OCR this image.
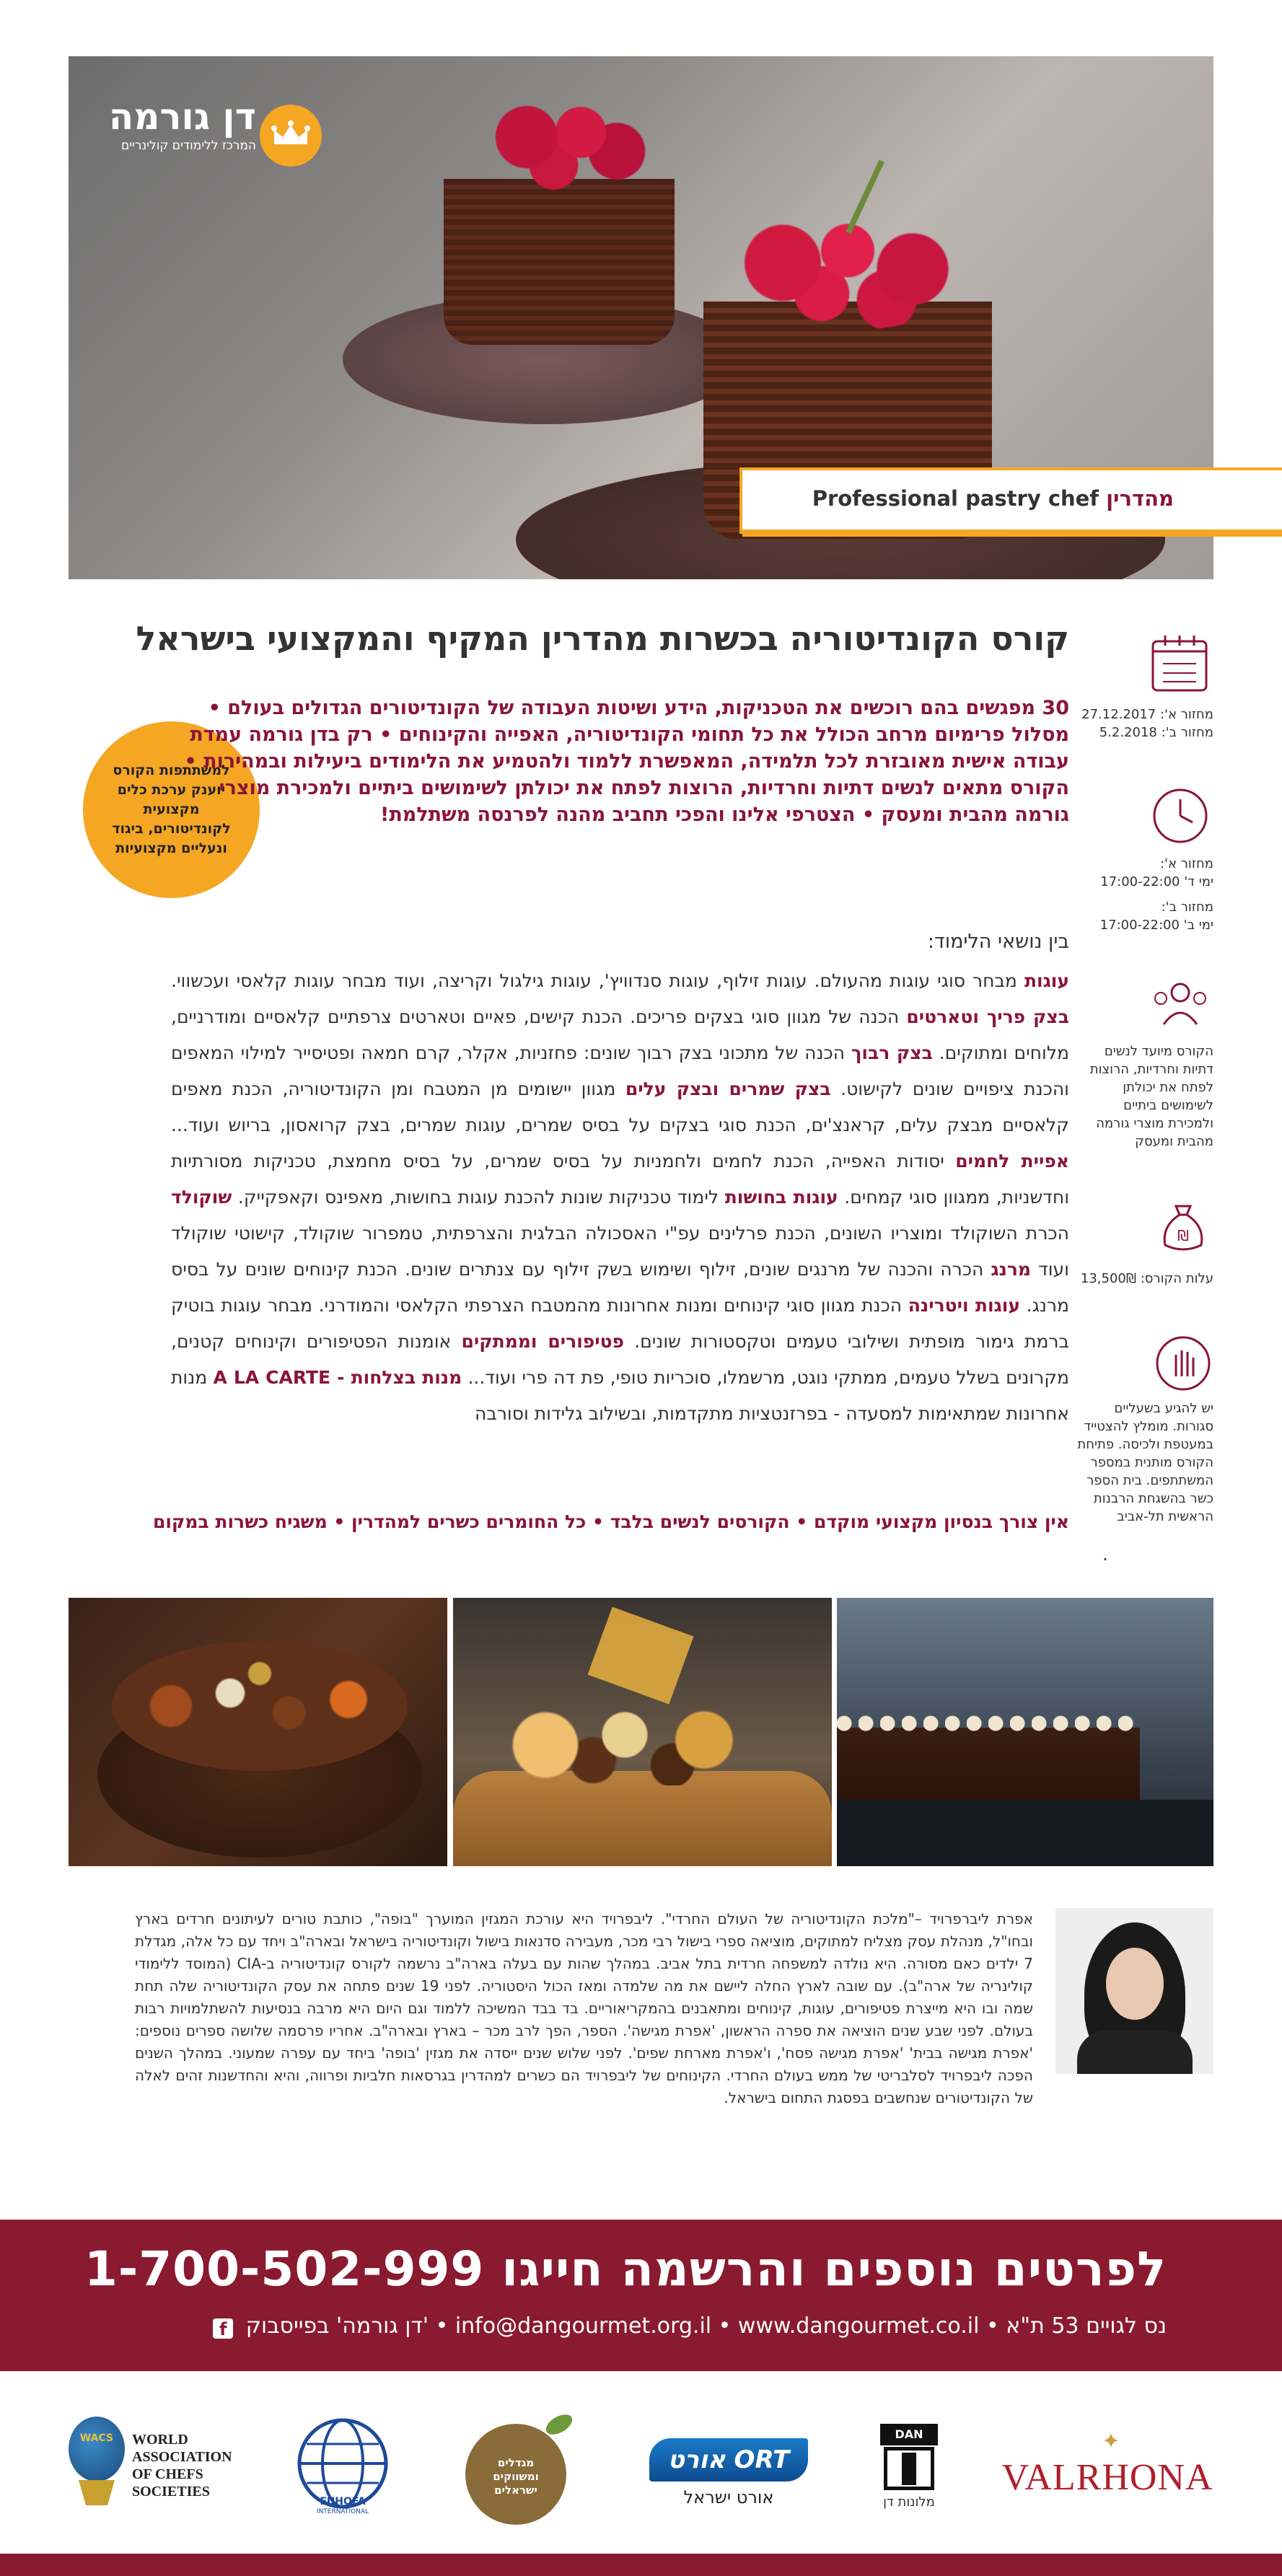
דן גורמה
המרכז ללימודים קולינריים
מהדרין Professional pastry chef
קורס הקונדיטוריה בכשרות מהדרין המקיף והמקצועי בישראל
למשתתפות הקורס יוענק ערכת כלים מקצועית לקונדיטורים, ביגוד ונעליים מקצועיות
30 מפגשים בהם רוכשים את הטכניקות, הידע ושיטות העבודה של הקונדיטורים הגדולים בעולם • מסלול פרימיום מרחב הכולל את כל תחומי הקונדיטוריה, האפייה והקינוחים • רק בדן גורמה עמדת עבודה אישית מאובזרת לכל תלמידה, המאפשרת ללמוד ולהטמיע את הלימודים ביעילות ובמהירות • הקורס מתאים לנשים דתיות וחרדיות, הרוצות לפתח את יכולתן לשימושים ביתיים ולמכירת מוצרי גורמה מהבית ומעסק • הצטרפי אלינו והפכי תחביב מהנה לפרנסה משתלמת!
בין נושאי הלימוד:
עוגות מבחר סוגי עוגות מהעולם. עוגות זילוף, עוגות סנדוויץ', עוגות גילגול וקריצה, ועוד מבחר עוגות קלאסי ועכשווי. בצק פריך וטארטים הכנה של מגוון סוגי בצקים פריכים. הכנת קישים, פאיים וטארטים צרפתיים קלאסיים ומודרניים, מלוחים ומתוקים. בצק רבוך הכנה של מתכוני בצק רבוך שונים: פחזניות, אקלר, קרם חמאה ופטיסייר למילוי המאפים והכנת ציפויים שונים לקישוט. בצק שמרים ובצק עלים מגוון יישומים מן המטבח ומן הקונדיטוריה, הכנת מאפים קלאסיים מבצק עלים, קראנצ'ים, הכנת סוגי בצקים על בסיס שמרים, עוגות שמרים, בצק קרואסון, בריוש ועוד... אפיית לחמים יסודות האפייה, הכנת לחמים ולחמניות על בסיס שמרים, על בסיס מחמצת, טכניקות מסורתיות וחדשניות, ממגוון סוגי קמחים. עוגות בחושות לימוד טכניקות שונות להכנת עוגות בחושות, מאפינס וקאפקייק. שוקולד הכרת השוקולד ומוצריו השונים, הכנת פרלינים עפ"י האסכולה הבלגית והצרפתית, טמפרור שוקולד, קישוטי שוקולד ועוד מרנג הכרה והכנה של מרנגים שונים, זילוף ושימוש בשק זילוף עם צנתרים שונים. הכנת קינוחים שונים על בסיס מרנג. עוגות ויטרינה הכנת מגוון סוגי קינוחים ומנות אחרונות מהמטבח הצרפתי הקלאסי והמודרני. מבחר עוגות בוטיק ברמת גימור מופתית ושילובי טעמים וטקסטורות שונים. פטיפורים וממתקים אומנות הפטיפורים וקינוחים קטנים, מקרונים בשלל טעמים, ממתקי נוגט, מרשמלו, סוכריות טופי, פת דה פרי ועוד... מנות בצלחות - A LA CARTE מנות אחרונות שמתאימות למסעדה - בפרזנטציות מתקדמות, ובשילוב גלידות וסורבה
אין צורך בנסיון מקצועי מוקדם • הקורסים לנשים בלבד • כל החומרים כשרים למהדרין • משגיח כשרות במקום
.
מחזור א': 27.12.2017
מחזור ב': 5.2.2018
מחזור א':
ימי ד' 17:00-22:00
מחזור ב':
ימי ב' 17:00-22:00
הקורס מיועד לנשים דתיות וחרדיות, הרוצות לפתח את יכולתן לשימושים ביתיים ולמכירת מוצרי גורמה מהבית ומעסק
₪
עלות הקורס: 13,500₪
יש להגיע בשעליים סגורות. מומלץ להצטייד במעטפת ולכיסה. פתיחת הקורס מותנית במספר המשתתפים. בית הספר כשר בהשגחת הרבנות הראשית תל-אביב
אפרת ליברפרויד –"מלכת הקונדיטוריה של העולם החרדי". ליבפרויד היא עורכת המגזין המוערך "בופה", כותבת טורים לעיתונים חרדים בארץ ובחו"ל, מנהלת עסק מצליח למתוקים, מוציאה ספרי בישול רבי מכר, מעבירה סדנאות בישול וקונדיטוריה בישראל ובארה"ב ויחד עם כל אלה, מגדלת 7 ילדים כאם מסורה. היא נולדה למשפחה חרדית בתל אביב. במהלך שהות עם בעלה בארה"ב נרשמה לקורס קונדיטוריה ב-CIA (המוסד ללימודי קולינריה של ארה"ב). עם שובה לארץ החלה ליישם את מה שלמדה ומאז הכול היסטוריה. לפני 19 שנים פתחה את עסק הקונדיטוריה שלה תחת שמה ובו היא מייצרת פטיפורים, עוגות, קינוחים ומתאבנים בהמקריאוריים. בד בבד המשיכה ללמוד וגם היום היא מרבה בנסיעות להשתלמויות רבות בעולם. לפני שבע שנים הוציאה את ספרה הראשון, 'אפרת מגישה'. הספר, הפך לרב מכר – בארץ ובארה"ב. אחריו פרסמה שלושה ספרים נוספים: 'אפרת מגישה בבית' 'אפרת מגישה פסח', ו'אפרת מארחת שפים'. לפני שלוש שנים ייסדה את מגזין 'בופה' ביחד עם עפרה שמעוני. במהלך השנים הפכה ליבפרויד לסלבריטי של ממש בעולם החרדי. הקינוחים של ליבפרויד הם כשרים למהדרין בגרסאות חלביות ופרווה, והיא והחדשנות זהים לאלה של הקונדיטורים שנחשבים בפסגת התחום בישראל.
לפרטים נוספים והרשמה חייגו 1-700-502-999
נס לגויים 53 ת"א • info@dangourmet.org.il • www.dangourmet.co.il • 'דן גורמה' בפייסבוק f
✦
VALRHONA
DAN
מלונות דן
אורט ORT
אורט ישראל
מגדלים ומשווקים ישראלים
EUHOFA
INTERNATIONAL
WACS WORLD ASSOCIATION OF CHEFS SOCIETIES
